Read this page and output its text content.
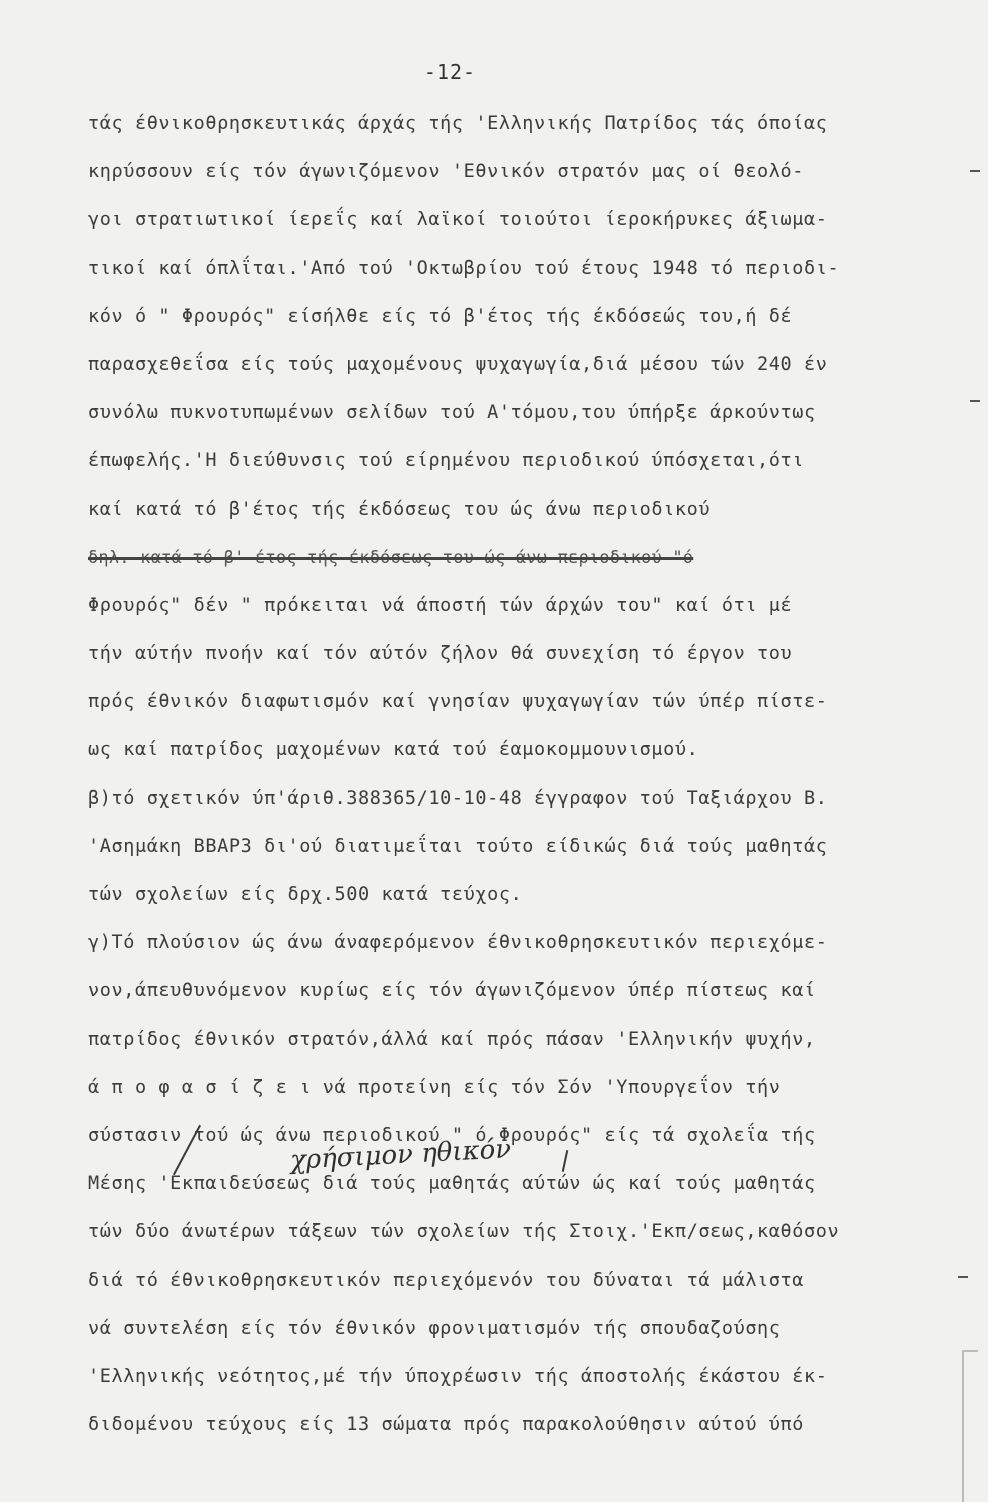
-12-
τάς έθνικοθρησκευτικάς άρχάς τής 'Ελληνικής Πατρίδος τάς όποίας
κηρύσσουν είς τόν άγωνιζόμενον 'Εθνικόν στρατόν μας οί θεολό-
γοι στρατιωτικοί ίερεΐς καί λαϊκοί τοιούτοι ίεροκήρυκες άξιωμα-
τικοί καί όπλΐται.'Από τού 'Οκτωβρίου τού έτους 1948 τό περιοδι-
κόν ό " Φρουρός" είσήλθε είς τό β'έτος τής έκδόσεώς του,ή δέ
παρασχεθεΐσα είς τούς μαχομένους ψυχαγωγία,διά μέσου τών 240 έν
συνόλω πυκνοτυπωμένων σελίδων τού Α'τόμου,του ύπήρξε άρκούντως
έπωφελής.'Η διεύθυνσις τού είρημένου περιοδικού ύπόσχεται,ότι
καί κατά τό β'έτος τής έκδόσεως του ώς άνω περιοδικού
δηλ. κατά τό β' έτος τής έκδόσεως του ώς άνω περιοδικού "ό
Φρουρός" δέν " πρόκειται νά άποστή τών άρχών του" καί ότι μέ
τήν αύτήν πνοήν καί τόν αύτόν ζήλον θά συνεχίση τό έργον του
πρός έθνικόν διαφωτισμόν καί γνησίαν ψυχαγωγίαν τών ύπέρ πίστε-
ως καί πατρίδος μαχομένων κατά τού έαμοκομμουνισμού.
β)τό σχετικόν ύπ'άριθ.388365/10-10-48 έγγραφον τού Ταξιάρχου Β.
'Ασημάκη ΒΒΑΡ3 δι'ού διατιμεΐται τούτο είδικώς διά τούς μαθητάς
τών σχολείων είς δρχ.500 κατά τεύχος.
γ)Τό πλούσιον ώς άνω άναφερόμενον έθνικοθρησκευτικόν περιεχόμε-
νον,άπευθυνόμενον κυρίως είς τόν άγωνιζόμενον ύπέρ πίστεως καί
πατρίδος έθνικόν στρατόν,άλλά καί πρός πάσαν 'Ελληνικήν ψυχήν,
ά π ο φ α σ ί ζ ε ι νά προτείνη είς τόν Σόν 'Υπουργεΐον τήν
σύστασιν τού ώς άνω περιοδικού " ό Φρουρός" είς τά σχολεΐα τής
Μέσης 'Εκπαιδεύσεως διά τούς μαθητάς αύτών ώς καί τούς μαθητάς
τών δύο άνωτέρων τάξεων τών σχολείων τής Στοιχ.'Εκπ/σεως,καθόσον
διά τό έθνικοθρησκευτικόν περιεχόμενόν του δύναται τά μάλιστα
νά συντελέση είς τόν έθνικόν φρονιματισμόν τής σπουδαζούσης
'Ελληνικής νεότητος,μέ τήν ύποχρέωσιν τής άποστολής έκάστου έκ-
διδομένου τεύχους είς 13 σώματα πρός παρακολούθησιν αύτού ύπό
χρήσιμον ηθικόν
